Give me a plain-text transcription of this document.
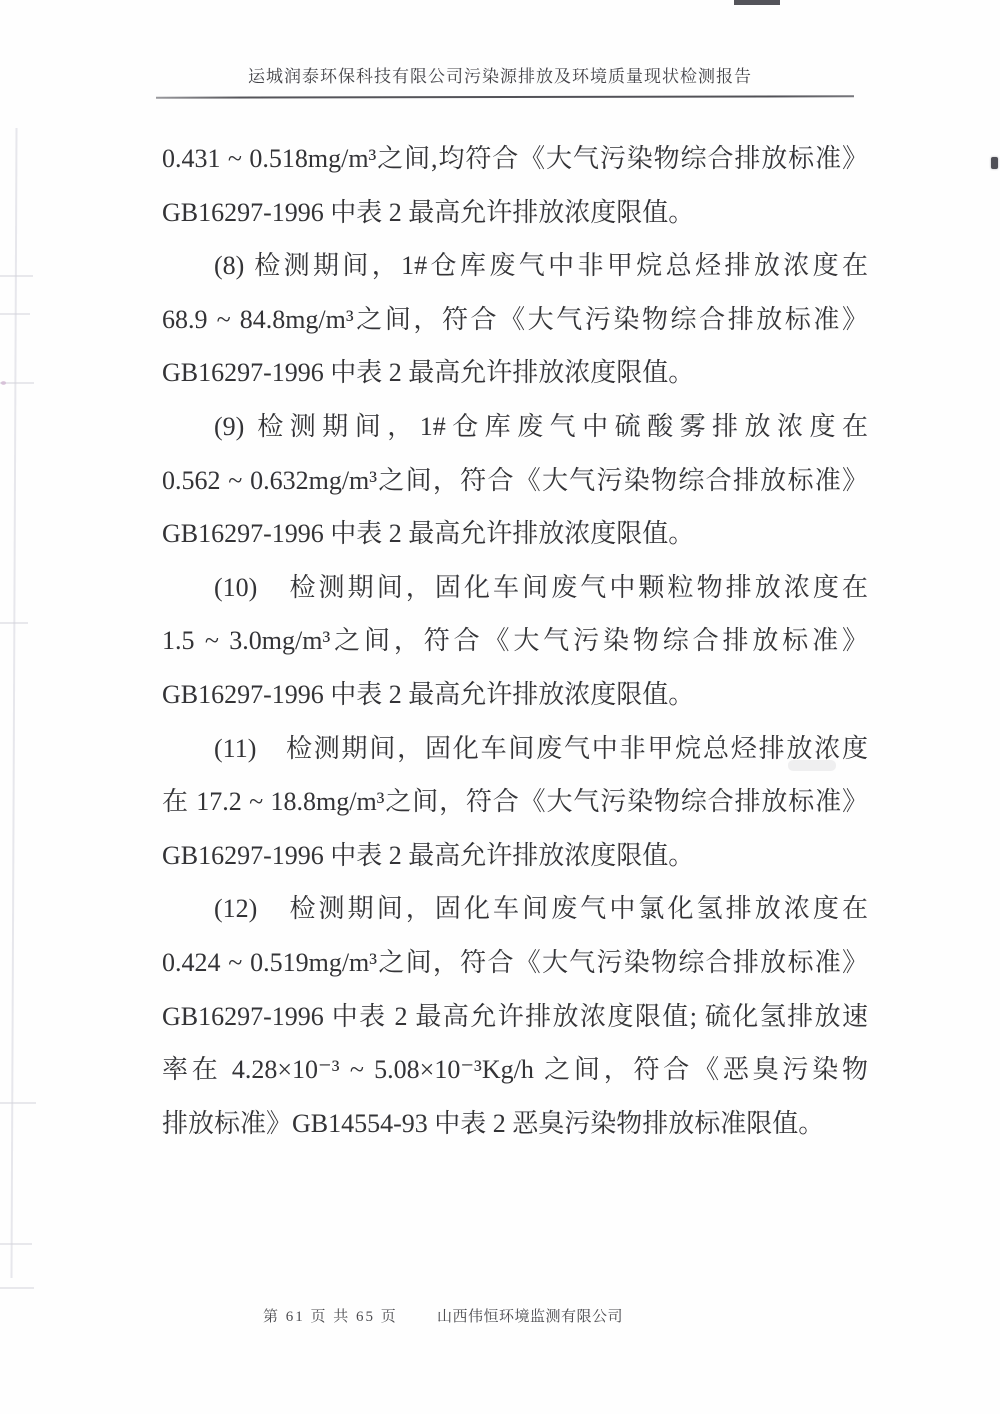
运城润泰环保科技有限公司污染源排放及环境质量现状检测报告
0.431 ~ 0.518mg/m³之间,均符合《大气污染物综合排放标准》
GB16297-1996 中表 2 最高允许排放浓度限值。
(8) 检测期间，1#仓库废气中非甲烷总烃排放浓度在
68.9 ~ 84.8mg/m³之间，符合《大气污染物综合排放标准》
GB16297-1996 中表 2 最高允许排放浓度限值。
(9) 检测期间，1#仓库废气中硫酸雾排放浓度在
0.562 ~ 0.632mg/m³之间，符合《大气污染物综合排放标准》
GB16297-1996 中表 2 最高允许排放浓度限值。
(10)　检测期间，固化车间废气中颗粒物排放浓度在
1.5 ~ 3.0mg/m³之间，符合《大气污染物综合排放标准》
GB16297-1996 中表 2 最高允许排放浓度限值。
(11)　检测期间，固化车间废气中非甲烷总烃排放浓度
在 17.2 ~ 18.8mg/m³之间，符合《大气污染物综合排放标准》
GB16297-1996 中表 2 最高允许排放浓度限值。
(12)　检测期间，固化车间废气中氯化氢排放浓度在
0.424 ~ 0.519mg/m³之间，符合《大气污染物综合排放标准》
GB16297-1996 中表 2 最高允许排放浓度限值; 硫化氢排放速
率在 4.28×10⁻³ ~ 5.08×10⁻³Kg/h 之间，符合《恶臭污染物
排放标准》GB14554-93 中表 2 恶臭污染物排放标准限值。
第 61 页 共 65 页	山西伟恒环境监测有限公司
